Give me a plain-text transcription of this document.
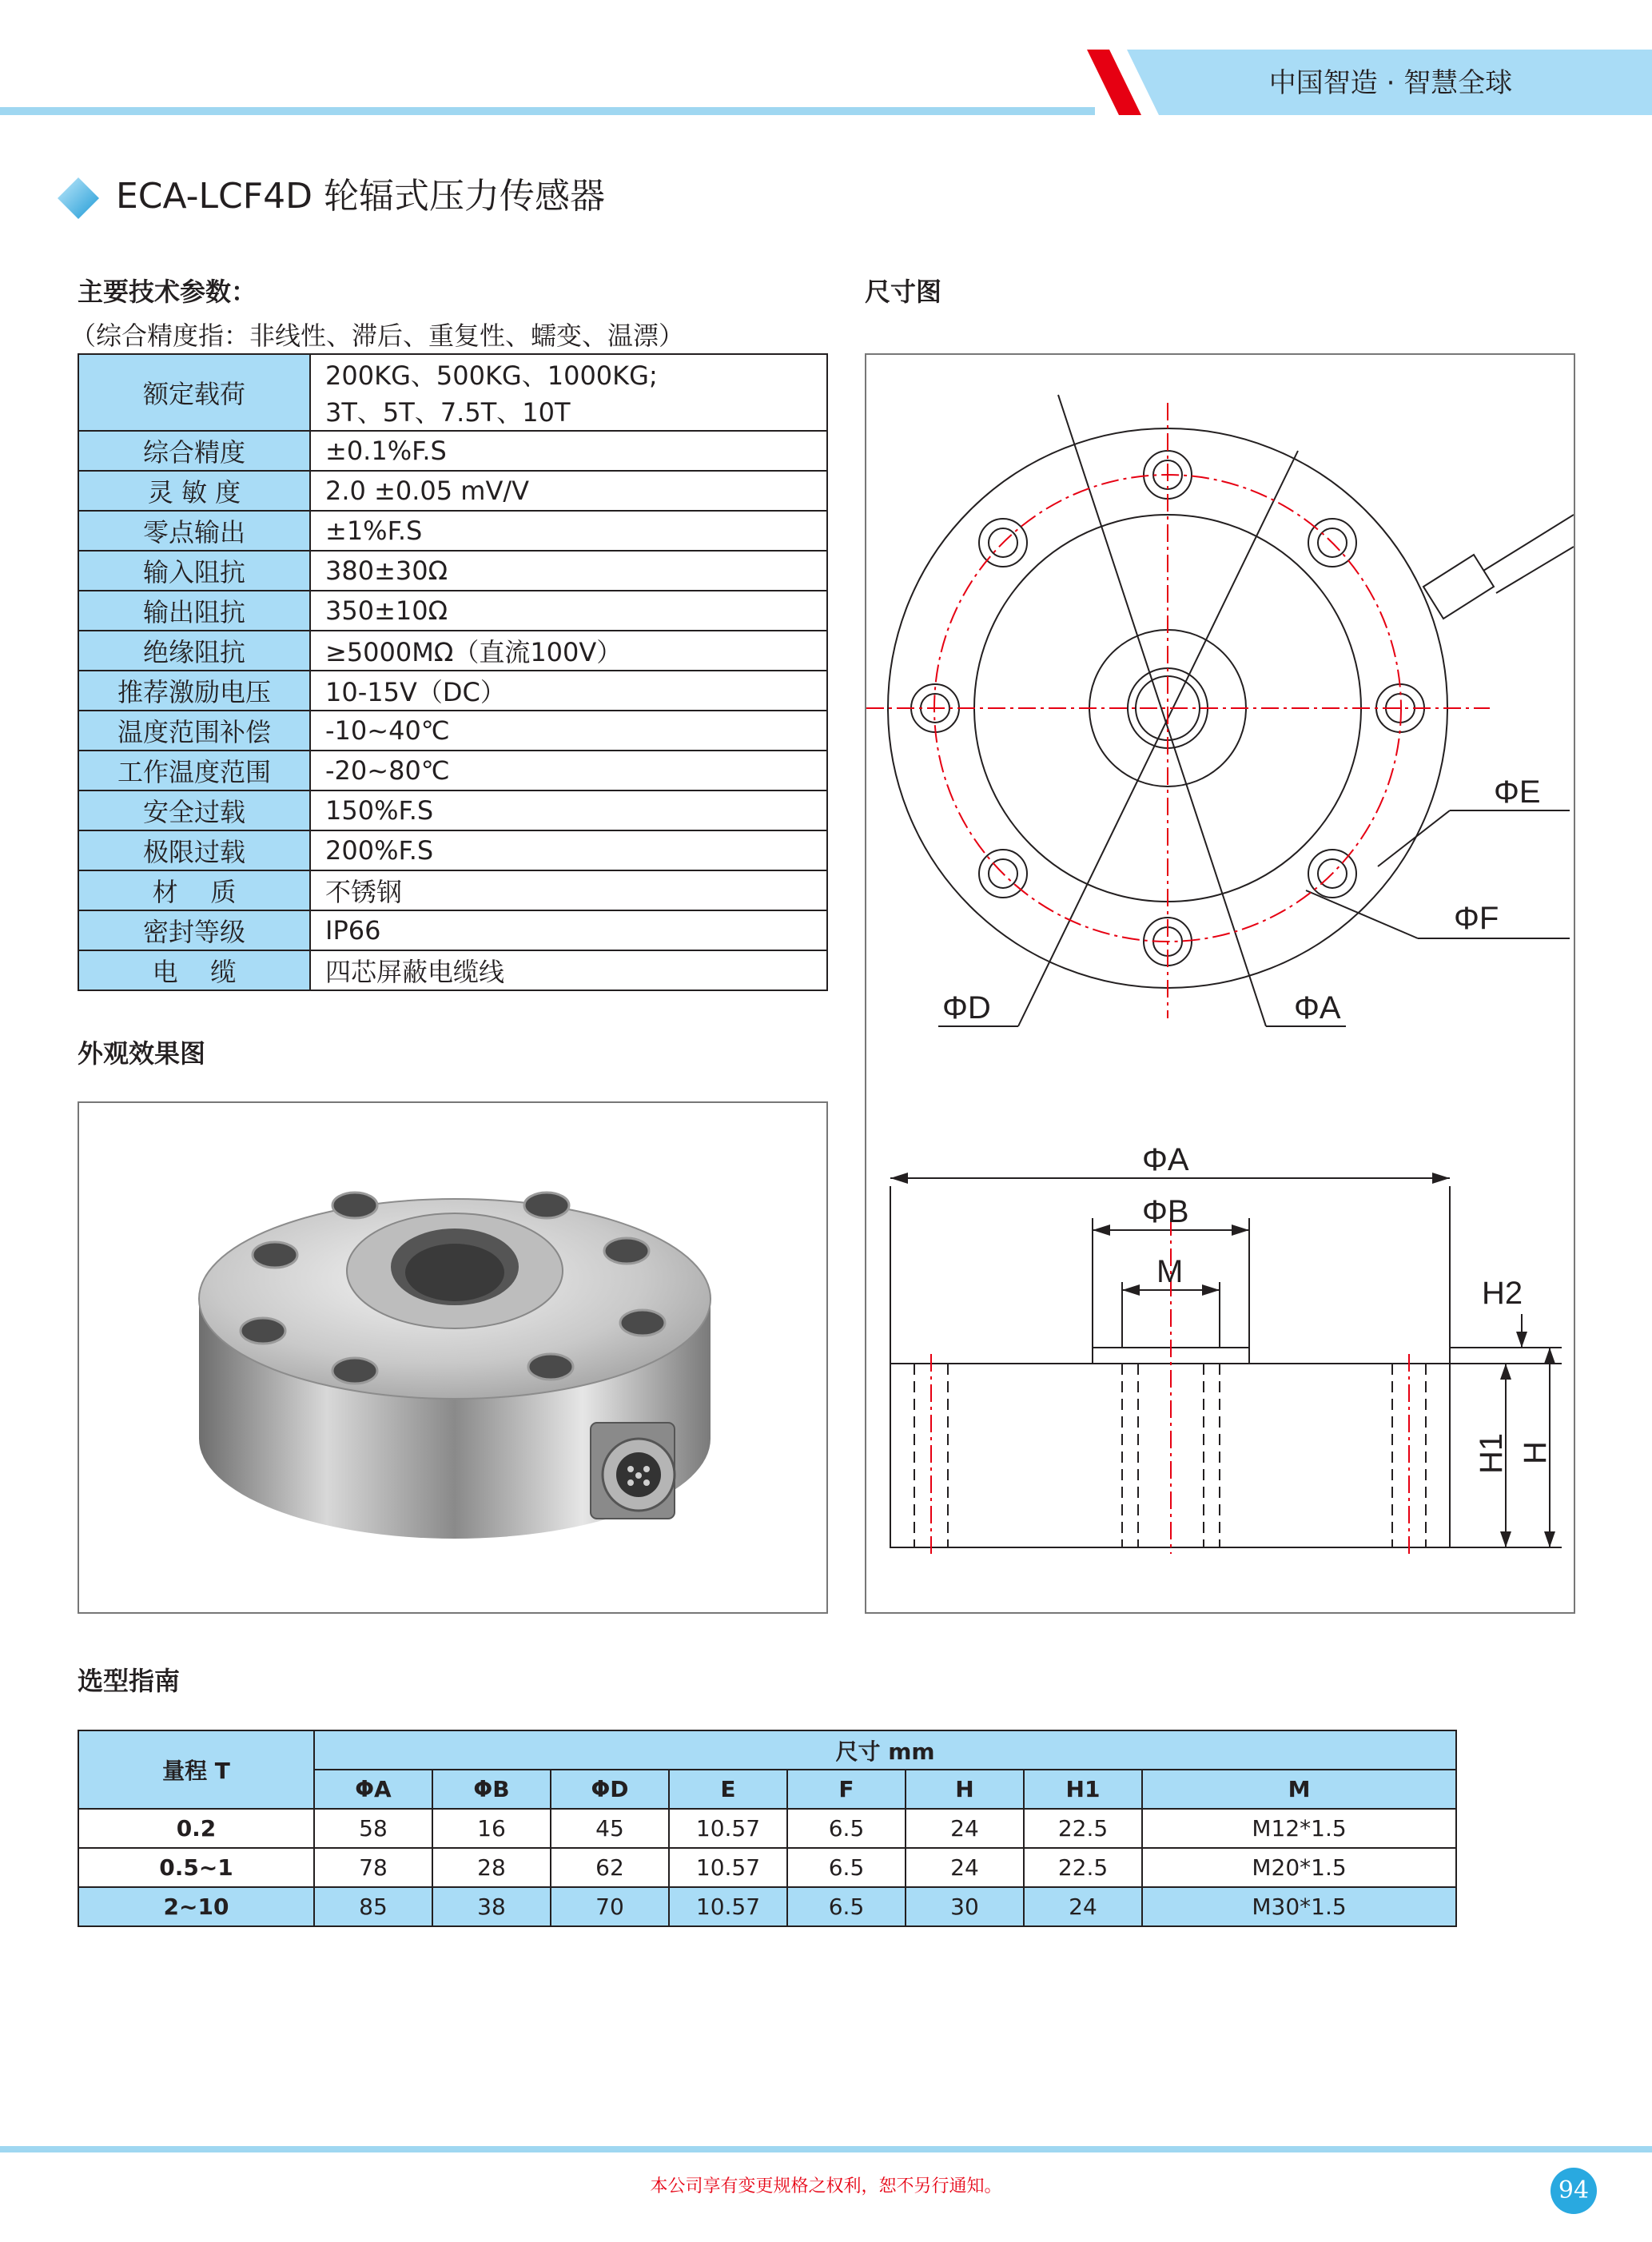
中国智造 · 智慧全球
ECA-LCF4D 轮辐式压力传感器
主要技术参数：
（综合精度指：非线性、滞后、重复性、蠕变、温漂）
额定载荷	200KG、500KG、1000KG;
3T、5T、7.5T、10T

综合精度	±0.1%F.S
灵 敏 度	2.0 ±0.05 mV/V
零点输出	±1%F.S
输入阻抗	380±30Ω
输出阻抗	350±10Ω
绝缘阻抗	≥5000MΩ（直流100V）
推荐激励电压	10-15V（DC）
温度范围补偿	-10~40℃
工作温度范围	-20~80℃
安全过载	150%F.S
极限过载	200%F.S
材    质	不锈钢
密封等级	IP66
电    缆	四芯屏蔽电缆线
外观效果图
尺寸图
ΦD	ΦA
ΦE
ΦF
ΦA
ΦB
M
H2
H1 H
选型指南
量程 T	尺寸 mm							
	ΦA	ΦB	ΦD	E	F	H	H1	M
0.2	58	16	45	10.57	6.5	24	22.5	M12*1.5
0.5~1	78	28	62	10.57	6.5	24	22.5	M20*1.5
2~10	85	38	70	10.57	6.5	30	24	M30*1.5
本公司享有变更规格之权利，恕不另行通知。	94
